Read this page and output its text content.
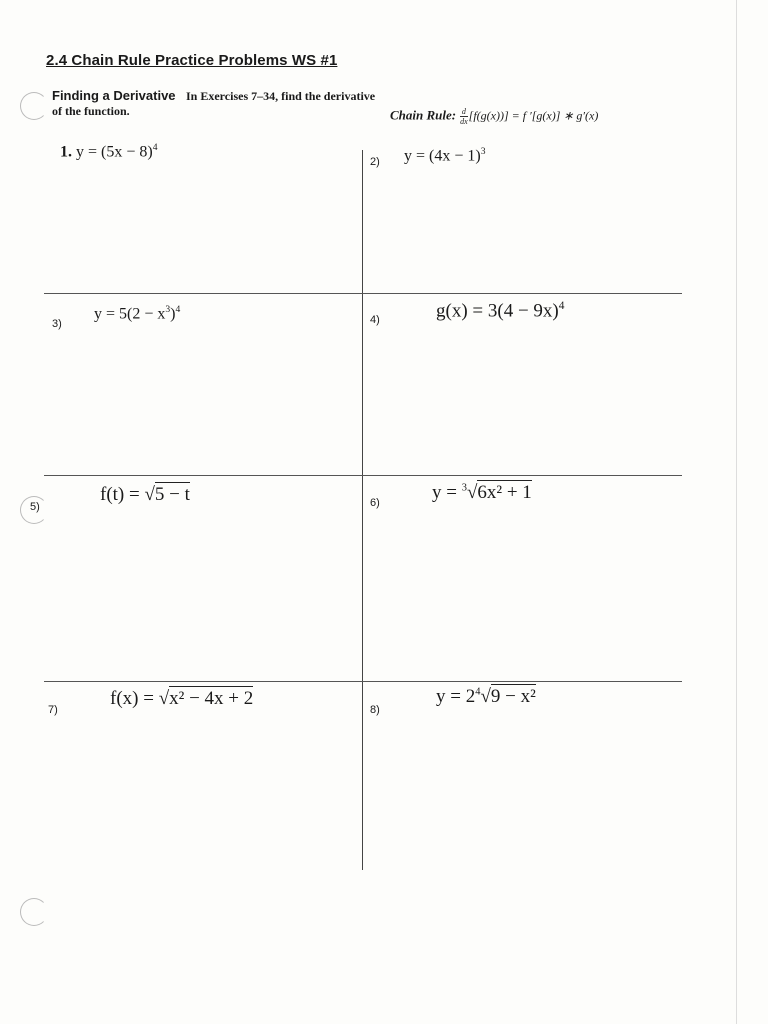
2.4 Chain Rule Practice Problems WS #1
Finding a Derivative In Exercises 7–34, find the derivative
of the function.	Chain Rule: $\frac{d}{dx} [f(g(x))] = f$ ′[g(x)] ∗ g′(x)
1. $y = (5x - 8)^4$
2) $y = (4x - 1)^3$
3)
$y = 5(2 - x^3)^4$
4)	$g(x) = 3(4 - 9x)^4$
5)
f(t) = √5 − t	6)	y = $^3$√6x² + 1
7)
f(x) = √x² − 4x + 2
8)
$y = 2^4√9 - x^2$
